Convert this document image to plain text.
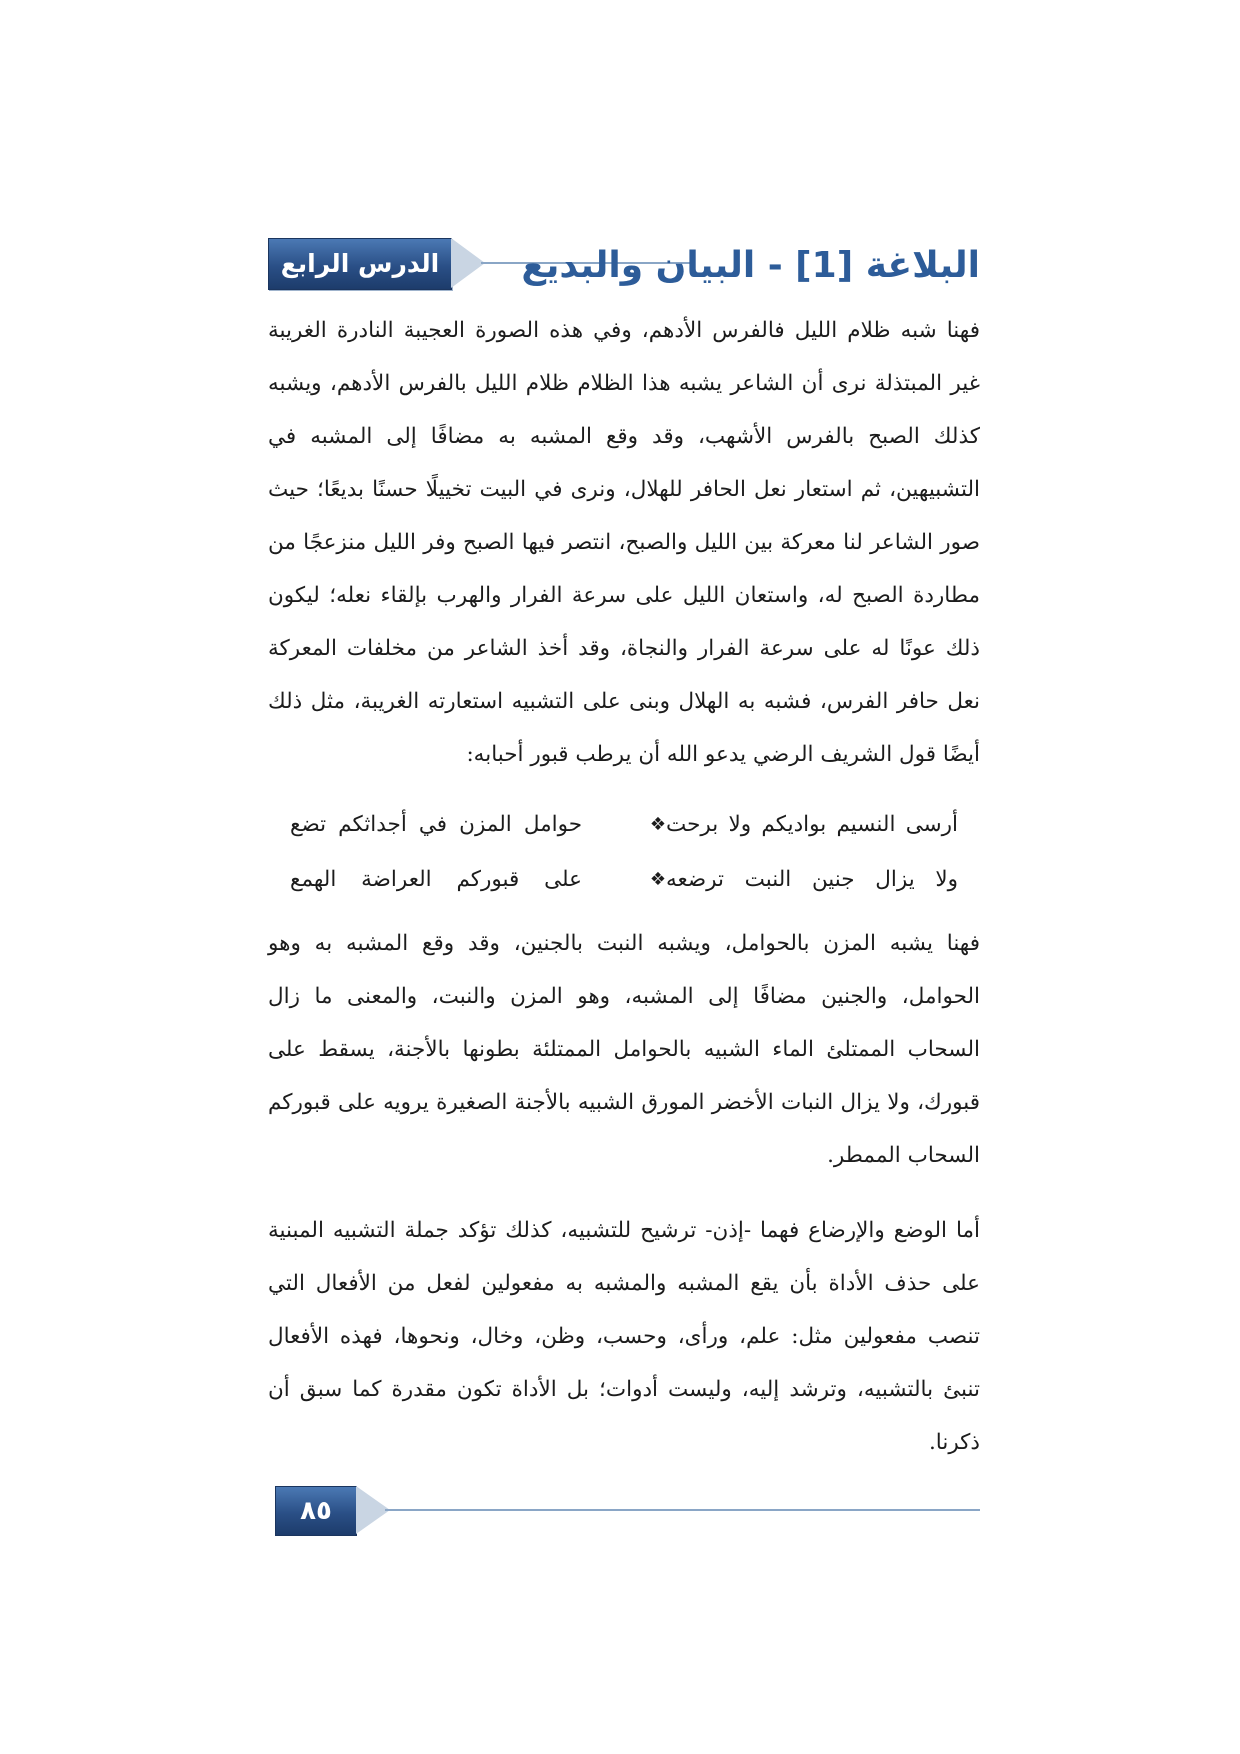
الدرس الرابع	البلاغة [1] - البيان والبديع

فهنا شبه ظلام الليل فالفرس الأدهم، وفي هذه الصورة العجيبة النادرة الغريبة غير المبتذلة نرى أن الشاعر يشبه هذا الظلام ظلام الليل بالفرس الأدهم، ويشبه كذلك الصبح بالفرس الأشهب، وقد وقع المشبه به مضافًا إلى المشبه في التشبيهين، ثم استعار نعل الحافر للهلال، ونرى في البيت تخييلًا حسنًا بديعًا؛ حيث صور الشاعر لنا معركة بين الليل والصبح، انتصر فيها الصبح وفر الليل منزعجًا من مطاردة الصبح له، واستعان الليل على سرعة الفرار والهرب بإلقاء نعله؛ ليكون ذلك عونًا له على سرعة الفرار والنجاة، وقد أخذ الشاعر من مخلفات المعركة نعل حافر الفرس، فشبه به الهلال وبنى على التشبيه استعارته الغريبة، مثل ذلك أيضًا قول الشريف الرضي يدعو الله أن يرطب قبور أحبابه:

أرسى النسيم بواديكم ولا برحت
❖
حوامل المزن في أجداثكم تضع
ولا يزال جنين النبت ترضعه
❖
على قبوركم العراضة الهمع

فهنا يشبه المزن بالحوامل، ويشبه النبت بالجنين، وقد وقع المشبه به وهو الحوامل، والجنين مضافًا إلى المشبه، وهو المزن والنبت، والمعنى ما زال السحاب الممتلئ الماء الشبيه بالحوامل الممتلئة بطونها بالأجنة، يسقط على قبورك، ولا يزال النبات الأخضر المورق الشبيه بالأجنة الصغيرة يرويه على قبوركم السحاب الممطر.

أما الوضع والإرضاع فهما -إذن- ترشيح للتشبيه، كذلك تؤكد جملة التشبيه المبنية على حذف الأداة بأن يقع المشبه والمشبه به مفعولين لفعل من الأفعال التي تنصب مفعولين مثل: علم، ورأى، وحسب، وظن، وخال، ونحوها، فهذه الأفعال تنبئ بالتشبيه، وترشد إليه، وليست أدوات؛ بل الأداة تكون مقدرة كما سبق أن ذكرنا.

٨٥
